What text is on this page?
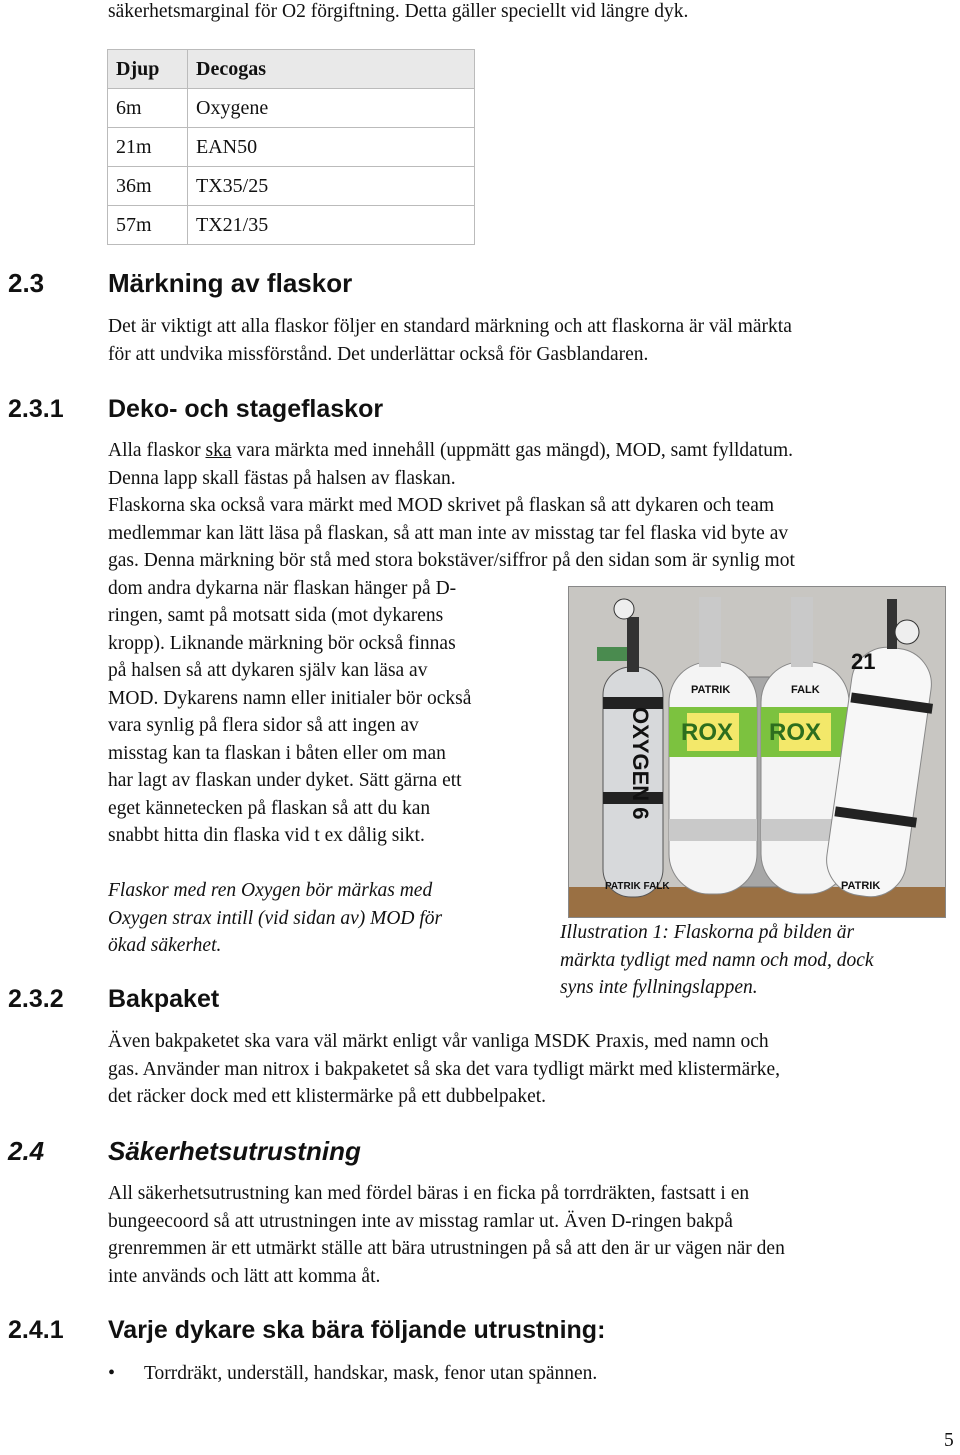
säkerhetsmarginal för O2 förgiftning. Detta gäller speciellt vid längre dyk.
Djup	Decogas
6m	Oxygene
21m	EAN50
36m	TX35/25
57m	TX21/35
2.3 Märkning av flaskor
Det är viktigt att alla flaskor följer en standard märkning och att flaskorna är väl märkta
för att undvika missförstånd. Det underlättar också för Gasblandaren.
2.3.1 Deko- och stageflaskor
Alla flaskor ska vara märkta med innehåll (uppmätt gas mängd), MOD, samt fylldatum.
Denna lapp skall fästas på halsen av flaskan.
Flaskorna ska också vara märkt med MOD skrivet på flaskan så att dykaren och team
medlemmar kan lätt läsa på flaskan, så att man inte av misstag tar fel flaska vid byte av
gas. Denna märkning bör stå med stora bokstäver/siffror på den sidan som är synlig mot
dom andra dykarna när flaskan hänger på D-
ringen, samt på motsatt sida (mot dykarens
kropp). Liknande märkning bör också finnas
på halsen så att dykaren själv kan läsa av
MOD. Dykarens namn eller initialer bör också
vara synlig på flera sidor så att ingen av
misstag kan ta flaskan i båten eller om man
har lagt av flaskan under dyket. Sätt gärna ett
eget kännetecken på flaskan så att du kan
snabbt hitta din flaska vid t ex dålig sikt.
Flaskor med ren Oxygen bör märkas med
Oxygen strax intill (vid sidan av) MOD för
ökad säkerhet.
OXYGEN 6
PATRIK FALK
ROX
PATRIK
ROX
FALK
21
PATRIK
Illustration 1: Flaskorna på bilden är
märkta tydligt med namn och mod, dock
syns inte fyllningslappen.
2.3.2 Bakpaket
Även bakpaketet ska vara väl märkt enligt vår vanliga MSDK Praxis, med namn och
gas. Använder man nitrox i bakpaketet så ska det vara tydligt märkt med klistermärke,
det räcker dock med ett klistermärke på ett dubbelpaket.
2.4 Säkerhetsutrustning
All säkerhetsutrustning kan med fördel bäras i en ficka på torrdräkten, fastsatt i en
bungeecoord så att utrustningen inte av misstag ramlar ut. Även D-ringen bakpå
grenremmen är ett utmärkt ställe att bära utrustningen på så att den är ur vägen när den
inte används och lätt att komma åt.
2.4.1 Varje dykare ska bära följande utrustning:
• Torrdräkt, underställ, handskar, mask, fenor utan spännen.
5
